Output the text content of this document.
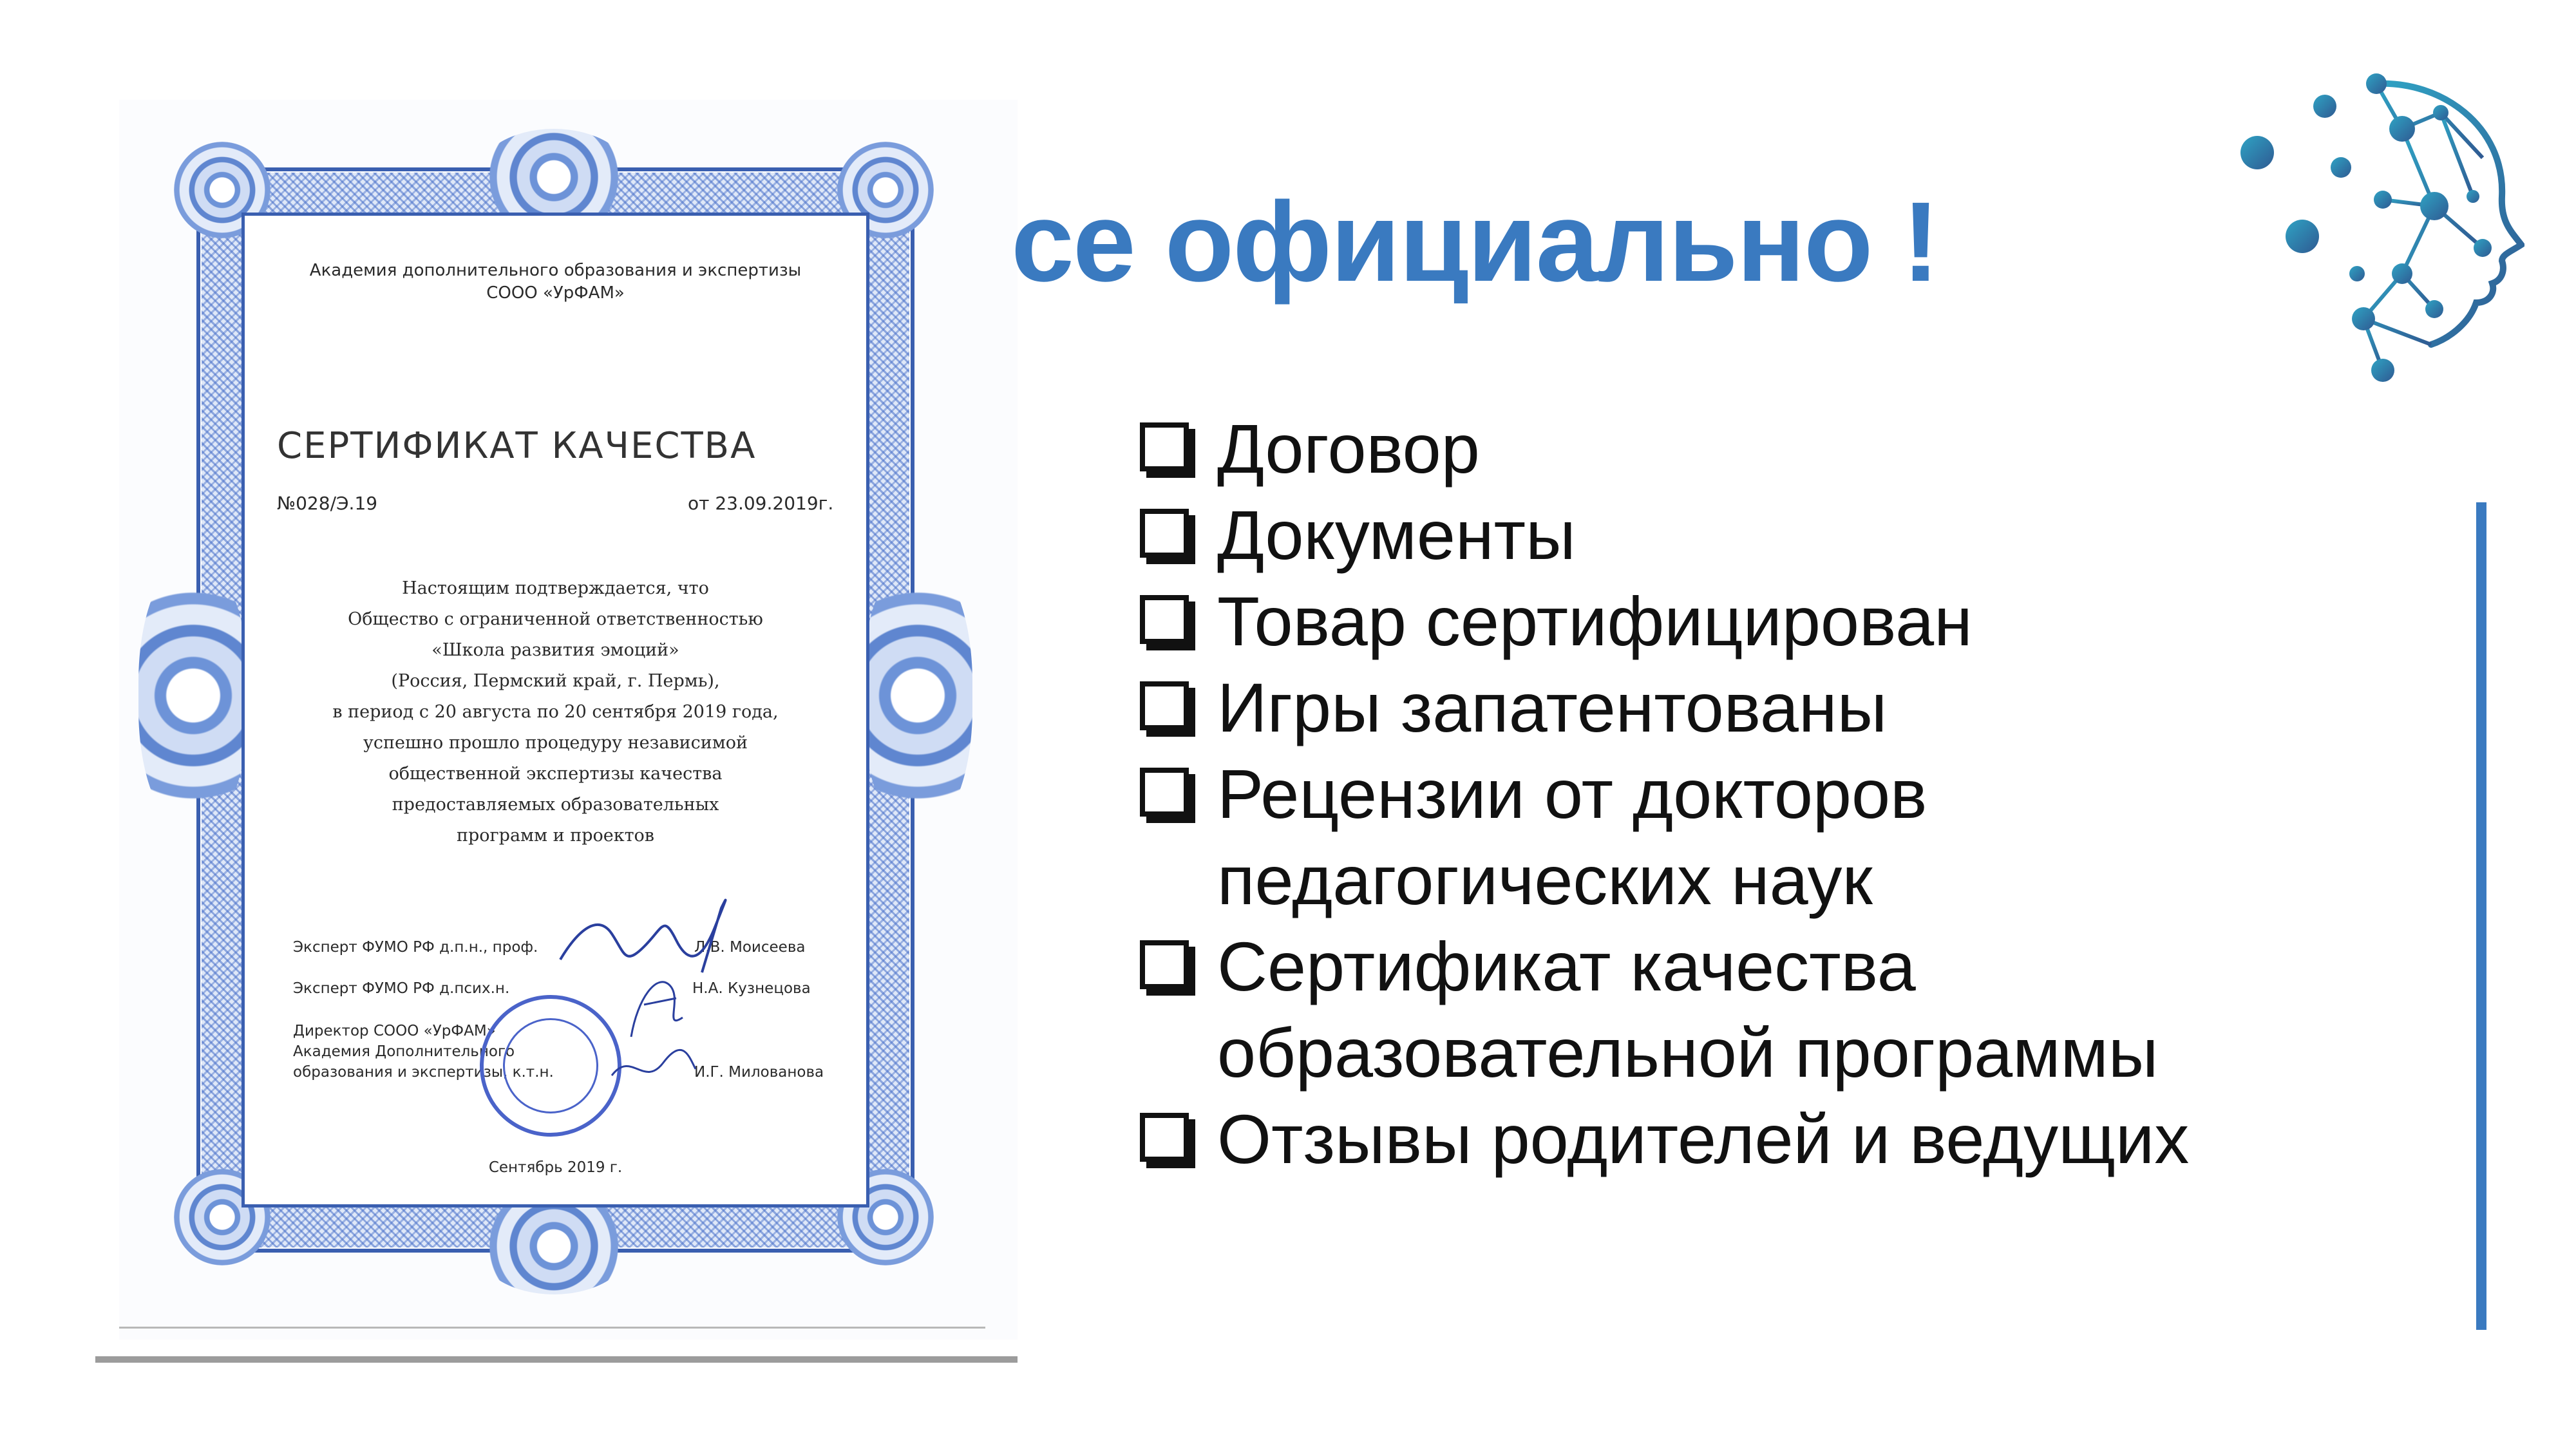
Академия дополнительного образования и экспертизы
СООО «УрФАМ»
СЕРТИФИКАТ КАЧЕСТВА
№028/Э.19	от 23.09.2019г.
Настоящим подтверждается, что
Общество с ограниченной ответственностью
«Школа развития эмоций»
(Россия, Пермский край, г. Пермь),
в период с 20 августа по 20 сентября 2019 года,
успешно прошло процедуру независимой
общественной экспертизы качества
предоставляемых образовательных
программ и проектов
Эксперт ФУМО РФ д.п.н., проф.	Л.В. Моисеева
Эксперт ФУМО РФ д.псих.н.	Н.А. Кузнецова
Директор СООО «УрФАМ»
Академия Дополнительного
образования и экспертизы, к.т.н.	И.Г. Милованова
Сентябрь 2019 г.
се официально !
Договор
Документы
Товар сертифицирован
Игры запатентованы
Рецензии от докторов педагогических наук
Сертификат качества образовательной программы
Отзывы родителей и ведущих
